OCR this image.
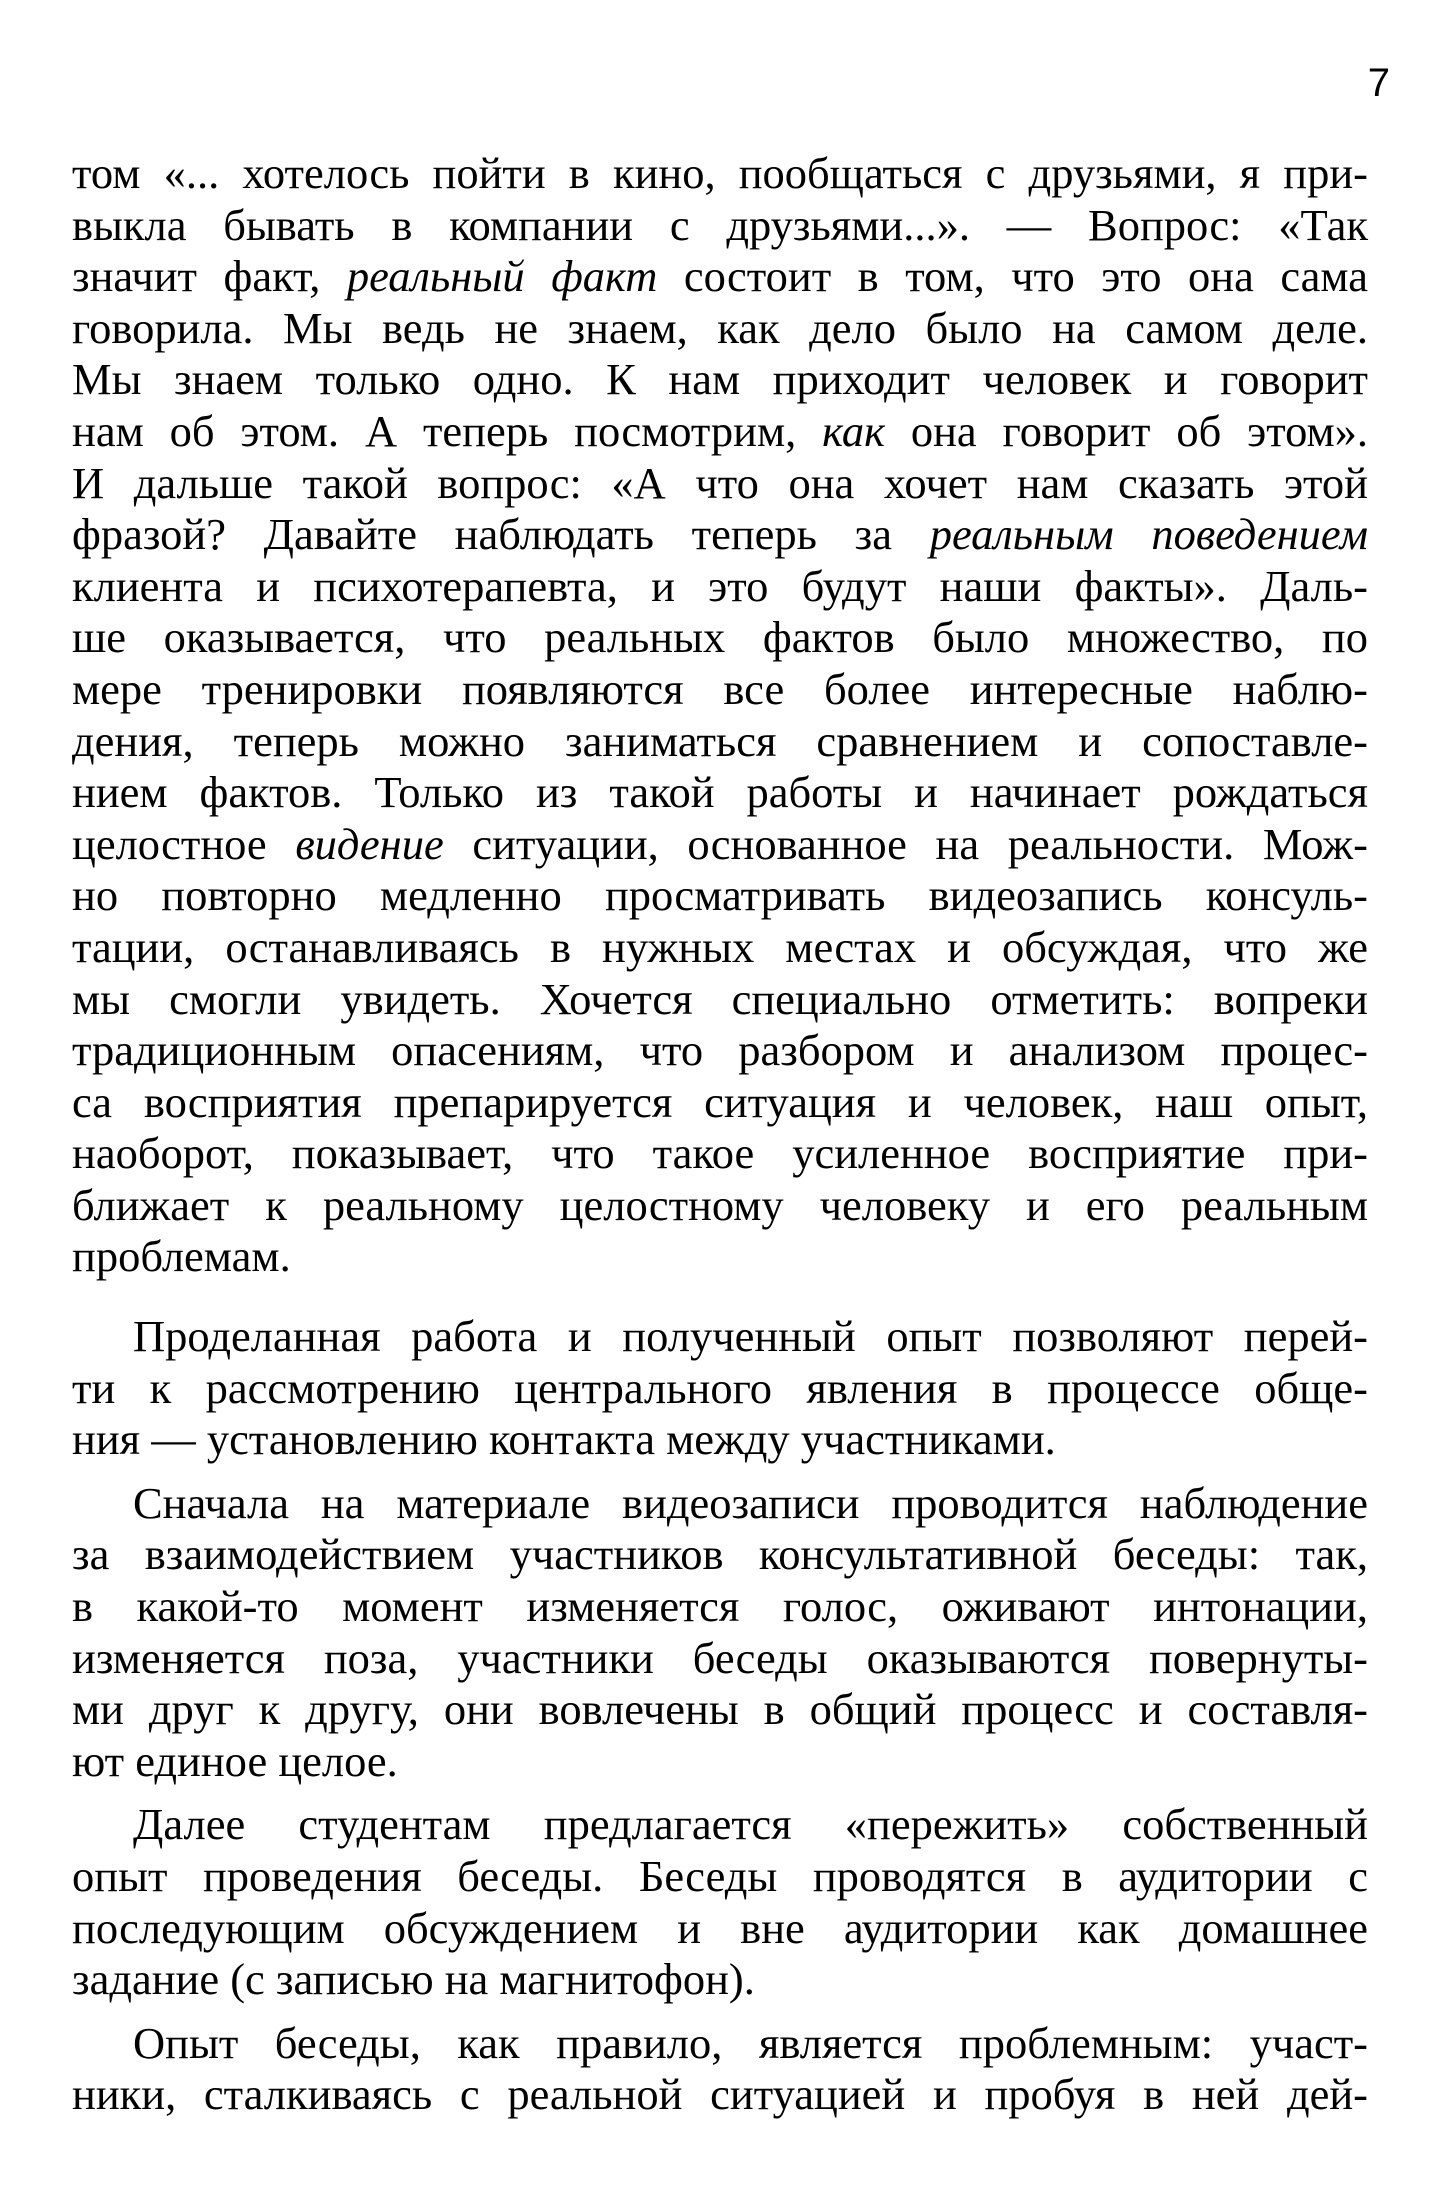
7
том «... хотелось пойти в кино, пообщаться с друзьями, я при-
выкла бывать в компании с друзьями...». — Вопрос: «Так
значит факт, реальный факт состоит в том, что это она сама
говорила. Мы ведь не знаем, как дело было на самом деле.
Мы знаем только одно. К нам приходит человек и говорит
нам об этом. А теперь посмотрим, как она говорит об этом».
И дальше такой вопрос: «А что она хочет нам сказать этой
фразой? Давайте наблюдать теперь за реальным поведением
клиента и психотерапевта, и это будут наши факты». Даль-
ше оказывается, что реальных фактов было множество, по
мере тренировки появляются все более интересные наблю-
дения, теперь можно заниматься сравнением и сопоставле-
нием фактов. Только из такой работы и начинает рождаться
целостное видение ситуации, основанное на реальности. Мож-
но повторно медленно просматривать видеозапись консуль-
тации, останавливаясь в нужных местах и обсуждая, что же
мы смогли увидеть. Хочется специально отметить: вопреки
традиционным опасениям, что разбором и анализом процес-
са восприятия препарируется ситуация и человек, наш опыт,
наоборот, показывает, что такое усиленное восприятие при-
ближает к реальному целостному человеку и его реальным
проблемам.
Проделанная работа и полученный опыт позволяют перей-
ти к рассмотрению центрального явления в процессе обще-
ния — установлению контакта между участниками.
Сначала на материале видеозаписи проводится наблюдение
за взаимодействием участников консультативной беседы: так,
в какой-то момент изменяется голос, оживают интонации,
изменяется поза, участники беседы оказываются повернуты-
ми друг к другу, они вовлечены в общий процесс и составля-
ют единое целое.
Далее студентам предлагается «пережить» собственный
опыт проведения беседы. Беседы проводятся в аудитории с
последующим обсуждением и вне аудитории как домашнее
задание (с записью на магнитофон).
Опыт беседы, как правило, является проблемным: участ-
ники, сталкиваясь с реальной ситуацией и пробуя в ней дей-
